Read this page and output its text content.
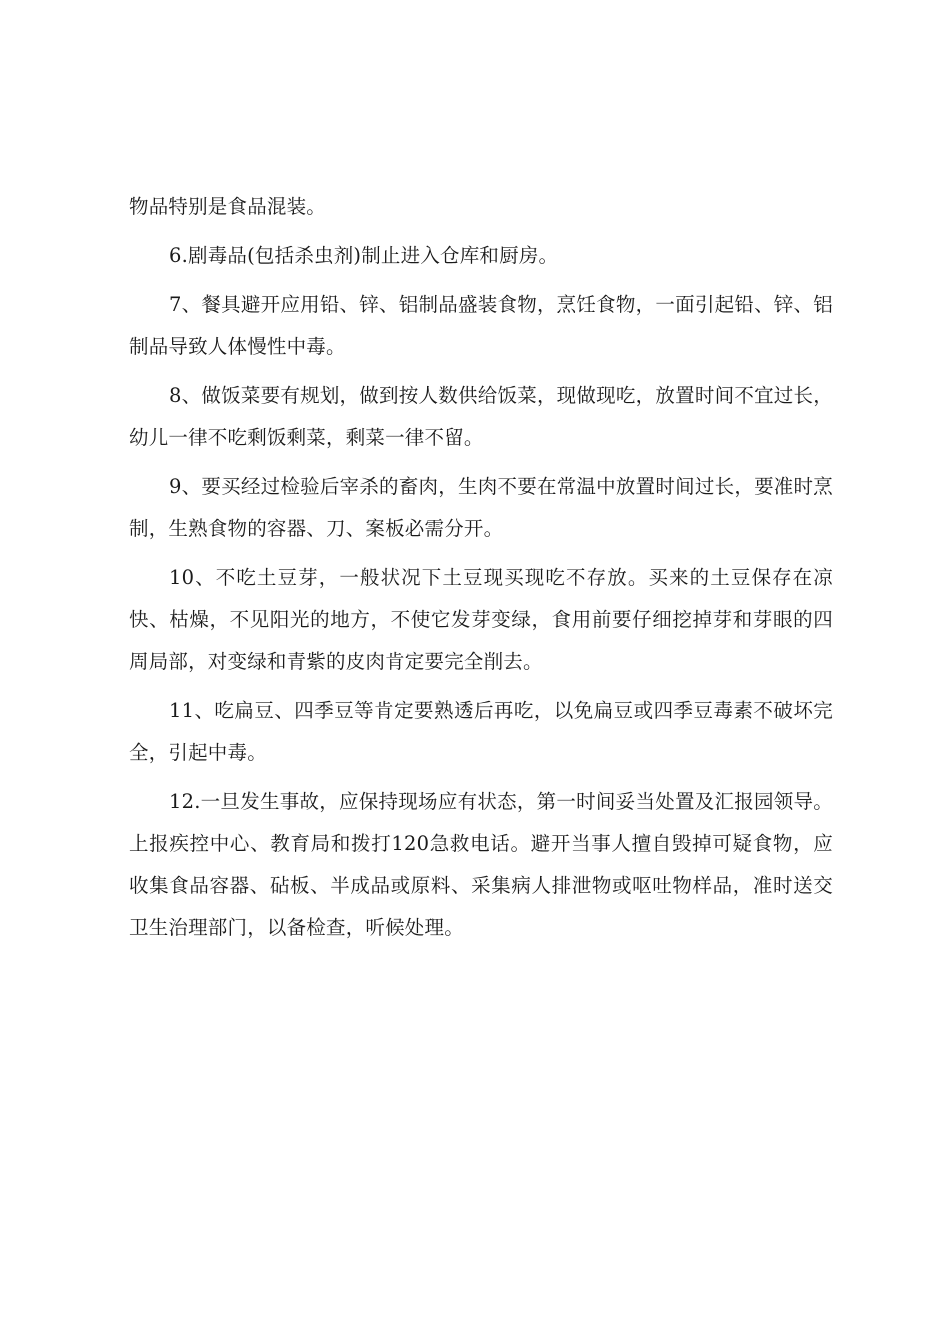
物品特别是食品混装。

6.剧毒品(包括杀虫剂)制止进入仓库和厨房。

7、餐具避开应用铅、锌、铝制品盛装食物，烹饪食物，一面引起铅、锌、铝制品导致人体慢性中毒。

8、做饭菜要有规划，做到按人数供给饭菜，现做现吃，放置时间不宜过长，幼儿一律不吃剩饭剩菜，剩菜一律不留。

9、要买经过检验后宰杀的畜肉，生肉不要在常温中放置时间过长，要准时烹制，生熟食物的容器、刀、案板必需分开。

10、不吃土豆芽，一般状况下土豆现买现吃不存放。买来的土豆保存在凉快、枯燥，不见阳光的地方，不使它发芽变绿，食用前要仔细挖掉芽和芽眼的四周局部，对变绿和青紫的皮肉肯定要完全削去。

11、吃扁豆、四季豆等肯定要熟透后再吃，以免扁豆或四季豆毒素不破坏完全，引起中毒。

12.一旦发生事故，应保持现场应有状态，第一时间妥当处置及汇报园领导。上报疾控中心、教育局和拨打120急救电话。避开当事人擅自毁掉可疑食物，应收集食品容器、砧板、半成品或原料、采集病人排泄物或呕吐物样品，准时送交卫生治理部门，以备检查，听候处理。
